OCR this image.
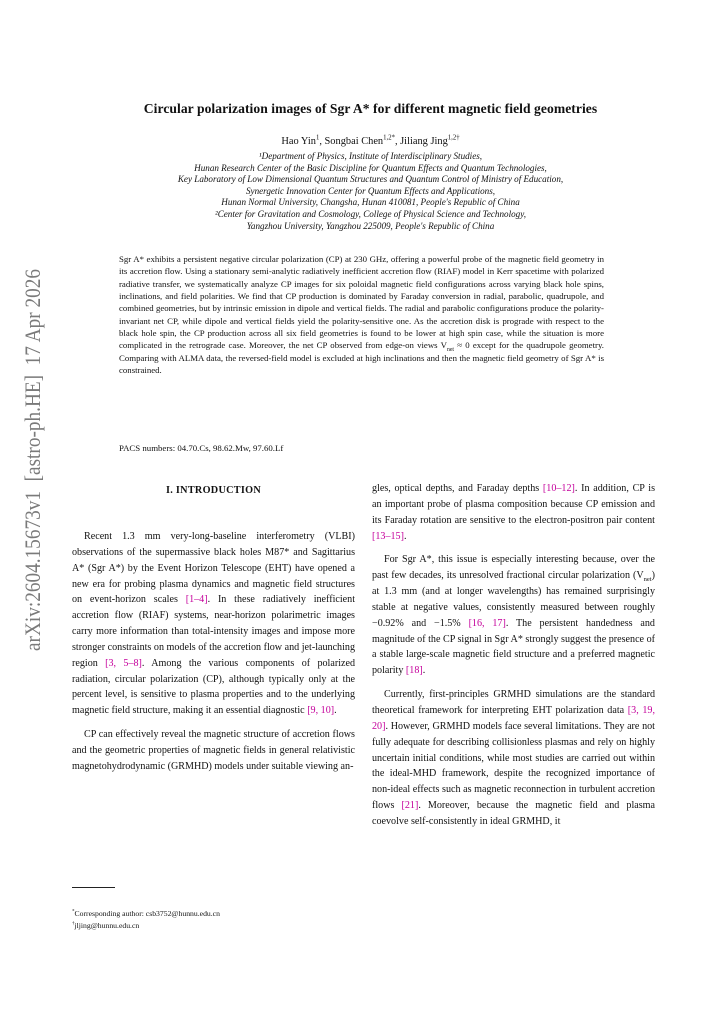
arXiv:2604.15673v1  [astro-ph.HE]  17 Apr 2026
Circular polarization images of Sgr A* for different magnetic field geometries
Hao Yin$^1$, Songbai Chen$^{1,2*}$, Jiliang Jing$^{1,2\dagger}$
¹Department of Physics, Institute of Interdisciplinary Studies,
Hunan Research Center of the Basic Discipline for Quantum Effects and Quantum Technologies,
Key Laboratory of Low Dimensional Quantum Structures and Quantum Control of Ministry of Education,
Synergetic Innovation Center for Quantum Effects and Applications,
Hunan Normal University, Changsha, Hunan 410081, People's Republic of China
²Center for Gravitation and Cosmology, College of Physical Science and Technology,
Yangzhou University, Yangzhou 225009, People's Republic of China
Sgr A* exhibits a persistent negative circular polarization (CP) at 230 GHz, offering a powerful probe of the magnetic field geometry in its accretion flow. Using a stationary semi-analytic radiatively inefficient accretion flow (RIAF) model in Kerr spacetime with polarized radiative transfer, we systematically analyze CP images for six poloidal magnetic field configurations across varying black hole spins, inclinations, and field polarities. We find that CP production is dominated by Faraday conversion in radial, parabolic, quadrupole, and combined geometries, but by intrinsic emission in dipole and vertical fields. The radial and parabolic configurations produce the polarity-invariant net CP, while dipole and vertical fields yield the polarity-sensitive one. As the accretion disk is prograde with respect to the black hole spin, the CP production across all six field geometries is found to be lower at high spin case, while the situation is more complicated in the retrograde case. Moreover, the net CP observed from edge-on views $V_{net} \approx 0$ except for the quadrupole geometry. Comparing with ALMA data, the reversed-field model is excluded at high inclinations and then the magnetic field geometry of Sgr A* is constrained.
PACS numbers: 04.70.Cs, 98.62.Mw, 97.60.Lf
I. INTRODUCTION

Recent 1.3 mm very-long-baseline interferometry (VLBI) observations of the supermassive black holes M87* and Sagittarius A* (Sgr A*) by the Event Horizon Telescope (EHT) have opened a new era for probing plasma dynamics and magnetic field structures on event-horizon scales [1–4]. In these radiatively inefficient accretion flow (RIAF) systems, near-horizon polarimetric images carry more information than total-intensity images and impose more stronger constraints on models of the accretion flow and jet-launching region [3, 5–8]. Among the various components of polarized radiation, circular polarization (CP), although typically only at the percent level, is sensitive to plasma properties and to the underlying magnetic field structure, making it an essential diagnostic [9, 10].

CP can effectively reveal the magnetic structure of accretion flows and the geometric properties of magnetic fields in general relativistic magnetohydrodynamic (GRMHD) models under suitable viewing an-

gles, optical depths, and Faraday depths [10–12]. In addition, CP is an important probe of plasma composition because CP emission and its Faraday rotation are sensitive to the electron-positron pair content [13–15].

For Sgr A*, this issue is especially interesting because, over the past few decades, its unresolved fractional circular polarization $(V_{net})$ at 1.3 mm (and at longer wavelengths) has remained surprisingly stable at negative values, consistently measured between roughly −0.92% and −1.5% [16, 17]. The persistent handedness and magnitude of the CP signal in Sgr A* strongly suggest the presence of a stable large-scale magnetic field structure and a preferred magnetic polarity [18].

Currently, first-principles GRMHD simulations are the standard theoretical framework for interpreting EHT polarization data [3, 19, 20]. However, GRMHD models face several limitations. They are not fully adequate for describing collisionless plasmas and rely on highly uncertain initial conditions, while most studies are carried out within the ideal-MHD framework, despite the recognized importance of non-ideal effects such as magnetic reconnection in turbulent accretion flows [21]. Moreover, because the magnetic field and plasma coevolve self-consistently in ideal GRMHD, it

*Corresponding author: csb3752@hunnu.edu.cn
†jljing@hunnu.edu.cn
